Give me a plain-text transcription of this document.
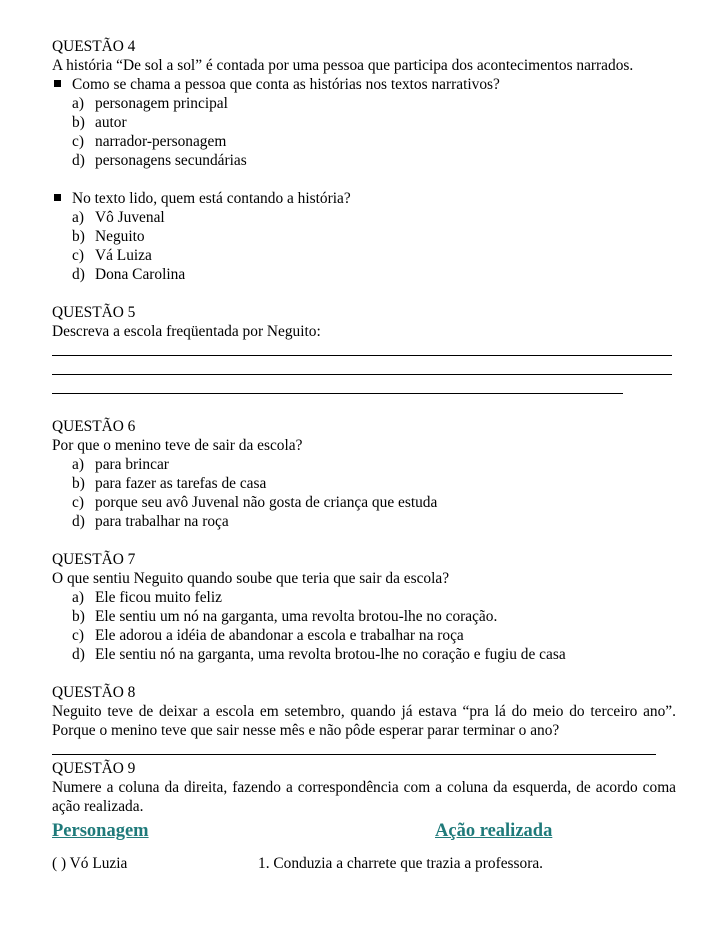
QUESTÃO 4
A história “De sol a sol” é contada por uma pessoa que participa dos acontecimentos narrados.
Como se chama a pessoa que conta as histórias nos textos narrativos?
a) personagem principal
b) autor
c) narrador-personagem
d) personagens secundárias
No texto lido, quem está contando a história?
a) Vô Juvenal
b) Neguito
c) Vá Luiza
d) Dona Carolina
QUESTÃO 5
Descreva a escola freqüentada por Neguito:
QUESTÃO 6
Por que o menino teve de sair da escola?
a) para brincar
b) para fazer as tarefas de casa
c) porque seu avô Juvenal não gosta de criança que estuda
d) para trabalhar na roça
QUESTÃO 7
O que sentiu Neguito quando soube que teria que sair da escola?
a) Ele ficou muito feliz
b) Ele sentiu um nó na garganta, uma revolta brotou-lhe no coração.
c) Ele adorou a idéia de abandonar a escola e trabalhar na roça
d) Ele sentiu nó na garganta, uma revolta brotou-lhe no coração e fugiu de casa
QUESTÃO 8
Neguito teve de deixar a escola em setembro, quando já estava “pra lá do meio do terceiro ano”. Porque o menino teve que sair nesse mês e não pôde esperar parar terminar o ano?
QUESTÃO 9
Numere a coluna da direita, fazendo a correspondência com a coluna da esquerda, de acordo coma ação realizada.
Personagem	Ação realizada
( ) Vó Luzia	1. Conduzia a charrete que trazia a professora.
